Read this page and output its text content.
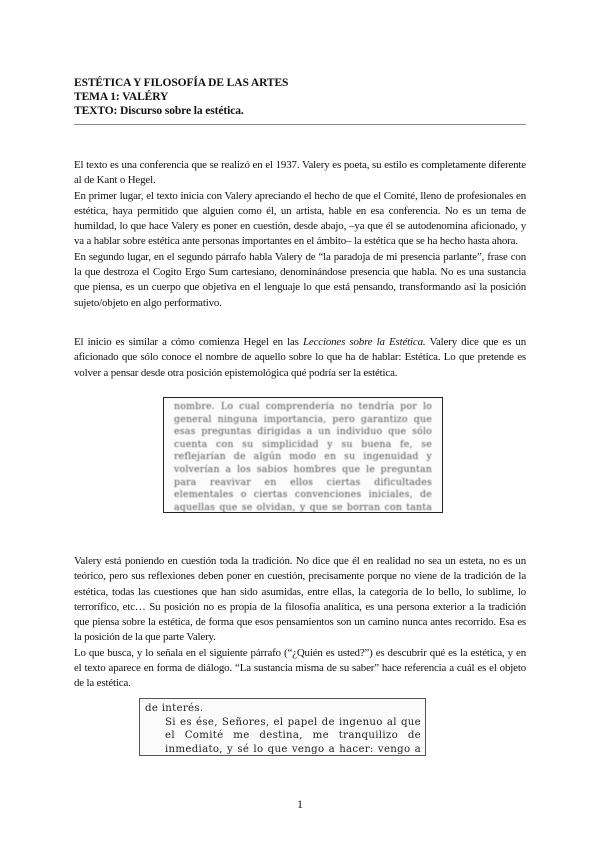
ESTÉTICA Y FILOSOFÍA DE LAS ARTES
TEMA 1: VALÉRY
TEXTO: Discurso sobre la estética.

El texto es una conferencia que se realizó en el 1937. Valery es poeta, su estilo es completamente diferente al de Kant o Hegel.

En primer lugar, el texto inicia con Valery apreciando el hecho de que el Comité, lleno de profesionales en estética, haya permitido que alguien como él, un artista, hable en esa conferencia. No es un tema de humildad, lo que hace Valery es poner en cuestión, desde abajo, –ya que él se autodenomina aficionado, y va a hablar sobre estética ante personas importantes en el ámbito– la estética que se ha hecho hasta ahora.

En segundo lugar, en el segundo párrafo habla Valery de “la paradoja de mi presencia parlante”, frase con la que destroza el Cogito Ergo Sum cartesiano, denominándose presencia que habla. No es una sustancia que piensa, es un cuerpo que objetiva en el lenguaje lo que está pensando, transformando así la posición sujeto/objeto en algo performativo.

El inicio es similar a cómo comienza Hegel en las Lecciones sobre la Estética. Valery dice que es un aficionado que sólo conoce el nombre de aquello sobre lo que ha de hablar: Estética. Lo que pretende es volver a pensar desde otra posición epistemológica qué podría ser la estética.

nombre. Lo cual comprendería no tendría por lo general ninguna importancia, pero garantizo que esas preguntas dirigidas a un individuo que sólo cuenta con su simplicidad y su buena fe, se reflejarían de algún modo en su ingenuidad y volverían a los sabios hombres que le preguntan para reavivar en ellos ciertas dificultades elementales o ciertas convenciones iniciales, de aquellas que se olvidan, y que se borran con tanta

Valery está poniendo en cuestión toda la tradición. No dice que él en realidad no sea un esteta, no es un teórico, pero sus reflexiones deben poner en cuestión, precisamente porque no viene de la tradición de la estética, todas las cuestiones que han sido asumidas, entre ellas, la categoría de lo bello, lo sublime, lo terrorífico, etc… Su posición no es propia de la filosofía analítica, es una persona exterior a la tradición que piensa sobre la estética, de forma que esos pensamientos son un camino nunca antes recorrido. Esa es la posición de la que parte Valery.

Lo que busca, y lo señala en el siguiente párrafo (“¿Quién es usted?”) es descubrir qué es la estética, y en el texto aparece en forma de diálogo. “La sustancia misma de su saber” hace referencia a cuál es el objeto de la estética.

de interés.
Si es ése, Señores, el papel de ingenuo al que el Comité me destina, me tranquilizo de inmediato, y sé lo que vengo a hacer: vengo a
1
